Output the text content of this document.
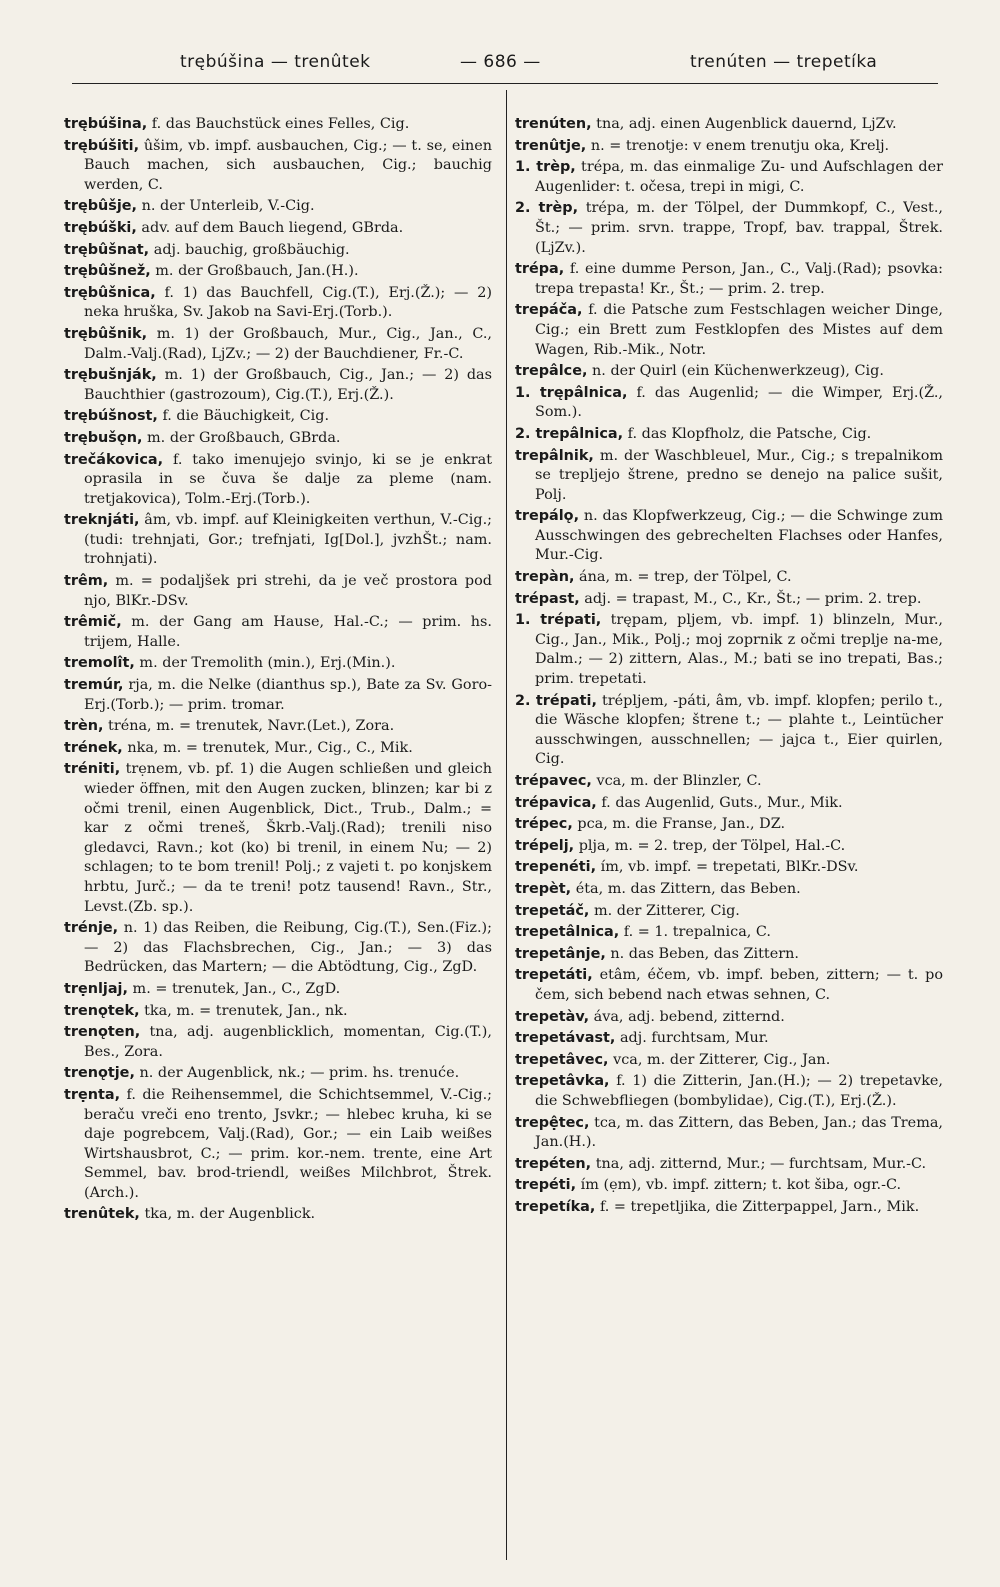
trębúšina — trenûtek	— 686 —	trenúten — trepetíka
trębúšina, f. das Bauchstück eines Felles, Cig.
trębúšiti, ûšim, vb. impf. ausbauchen, Cig.; — t. se, einen Bauch machen, sich ausbauchen, Cig.; bauchig werden, C.
trębûšje, n. der Unterleib, V.-Cig.
trębúški, adv. auf dem Bauch liegend, GBrda.
trębûšnat, adj. bauchig, großbäuchig.
trębûšnež, m. der Großbauch, Jan.(H.).
trębûšnica, f. 1) das Bauchfell, Cig.(T.), Erj.(Ž.); — 2) neka hruška, Sv. Jakob na Savi-Erj.(Torb.).
trębûšnik, m. 1) der Großbauch, Mur., Cig., Jan., C., Dalm.-Valj.(Rad), LjZv.; — 2) der Bauchdiener, Fr.-C.
trębušnják, m. 1) der Großbauch, Cig., Jan.; — 2) das Bauchthier (gastrozoum), Cig.(T.), Erj.(Ž.).
trębúšnost, f. die Bäuchigkeit, Cig.
trębušǫn, m. der Großbauch, GBrda.
trečákovica, f. tako imenujejo svinjo, ki se je enkrat oprasila in se čuva še dalje za pleme (nam. tretjakovica), Tolm.-Erj.(Torb.).
treknjáti, âm, vb. impf. auf Kleinigkeiten verthun, V.-Cig.; (tudi: trehnjati, Gor.; trefnjati, Ig[Dol.], jvzhŠt.; nam. trohnjati).
trêm, m. = podaljšek pri strehi, da je več prostora pod njo, BlKr.-DSv.
trêmič, m. der Gang am Hause, Hal.-C.; — prim. hs. trijem, Halle.
tremolît, m. der Tremolith (min.), Erj.(Min.).
tremúr, rja, m. die Nelke (dianthus sp.), Bate za Sv. Goro-Erj.(Torb.); — prim. tromar.
trèn, tréna, m. = trenutek, Navr.(Let.), Zora.
trének, nka, m. = trenutek, Mur., Cig., C., Mik.
tréniti, trẹnem, vb. pf. 1) die Augen schließen und gleich wieder öffnen, mit den Augen zucken, blinzen; kar bi z očmi trenil, einen Augenblick, Dict., Trub., Dalm.; = kar z očmi treneš, Škrb.-Valj.(Rad); trenili niso gledavci, Ravn.; kot (ko) bi trenil, in einem Nu; — 2) schlagen; to te bom trenil! Polj.; z vajeti t. po konjskem hrbtu, Jurč.; — da te treni! potz tausend! Ravn., Str., Levst.(Zb. sp.).
trénje, n. 1) das Reiben, die Reibung, Cig.(T.), Sen.(Fiz.); — 2) das Flachsbrechen, Cig., Jan.; — 3) das Bedrücken, das Martern; — die Abtödtung, Cig., ZgD.
trẹnljaj, m. = trenutek, Jan., C., ZgD.
trenǫtek, tka, m. = trenutek, Jan., nk.
trenǫten, tna, adj. augenblicklich, momentan, Cig.(T.), Bes., Zora.
trenǫtje, n. der Augenblick, nk.; — prim. hs. trenuće.
trẹnta, f. die Reihensemmel, die Schichtsemmel, V.-Cig.; beraču vreči eno trento, Jsvkr.; — hlebec kruha, ki se daje pogrebcem, Valj.(Rad), Gor.; — ein Laib weißes Wirtshausbrot, C.; — prim. kor.-nem. trente, eine Art Semmel, bav. brod-triendl, weißes Milchbrot, Štrek.(Arch.).
trenûtek, tka, m. der Augenblick.
trenúten, tna, adj. einen Augenblick dauernd, LjZv.
trenûtje, n. = trenotje: v enem trenutju oka, Krelj.
1. trèp, trépa, m. das einmalige Zu- und Aufschlagen der Augenlider: t. očesa, trepi in migi, C.
2. trèp, trépa, m. der Tölpel, der Dummkopf, C., Vest., Št.; — prim. srvn. trappe, Tropf, bav. trappal, Štrek.(LjZv.).
trépa, f. eine dumme Person, Jan., C., Valj.(Rad); psovka: trepa trepasta! Kr., Št.; — prim. 2. trep.
trepáča, f. die Patsche zum Festschlagen weicher Dinge, Cig.; ein Brett zum Festklopfen des Mistes auf dem Wagen, Rib.-Mik., Notr.
trepâlce, n. der Quirl (ein Küchenwerkzeug), Cig.
1. trępâlnica, f. das Augenlid; — die Wimper, Erj.(Ž., Som.).
2. trepâlnica, f. das Klopfholz, die Patsche, Cig.
trepâlnik, m. der Waschbleuel, Mur., Cig.; s trepalnikom se trepljejo štrene, predno se denejo na palice sušit, Polj.
trepálǫ, n. das Klopfwerkzeug, Cig.; — die Schwinge zum Ausschwingen des gebrechelten Flachses oder Hanfes, Mur.-Cig.
trepàn, ána, m. = trep, der Tölpel, C.
trépast, adj. = trapast, M., C., Kr., Št.; — prim. 2. trep.
1. trépati, trępam, pljem, vb. impf. 1) blinzeln, Mur., Cig., Jan., Mik., Polj.; moj zoprnik z očmi treplje na-me, Dalm.; — 2) zittern, Alas., M.; bati se ino trepati, Bas.; prim. trepetati.
2. trépati, trépljem, -páti, âm, vb. impf. klopfen; perilo t., die Wäsche klopfen; štrene t.; — plahte t., Leintücher ausschwingen, ausschnellen; — jajca t., Eier quirlen, Cig.
trépavec, vca, m. der Blinzler, C.
trépavica, f. das Augenlid, Guts., Mur., Mik.
trépec, pca, m. die Franse, Jan., DZ.
trépelj, plja, m. = 2. trep, der Tölpel, Hal.-C.
trepenéti, ím, vb. impf. = trepetati, BlKr.-DSv.
trepèt, éta, m. das Zittern, das Beben.
trepetáč, m. der Zitterer, Cig.
trepetâlnica, f. = 1. trepalnica, C.
trepetânje, n. das Beben, das Zittern.
trepetáti, etâm, éčem, vb. impf. beben, zittern; — t. po čem, sich bebend nach etwas sehnen, C.
trepetàv, áva, adj. bebend, zitternd.
trepetávast, adj. furchtsam, Mur.
trepetâvec, vca, m. der Zitterer, Cig., Jan.
trepetâvka, f. 1) die Zitterin, Jan.(H.); — 2) trepetavke, die Schwebfliegen (bombylidae), Cig.(T.), Erj.(Ž.).
trepệtec, tca, m. das Zittern, das Beben, Jan.; das Tremа, Jan.(H.).
trepéten, tna, adj. zitternd, Mur.; — furchtsam, Mur.-C.
trepéti, ím (ẹm), vb. impf. zittern; t. kot šiba, ogr.-C.
trepetíka, f. = trepetljika, die Zitterpappel, Jarn., Mik.
